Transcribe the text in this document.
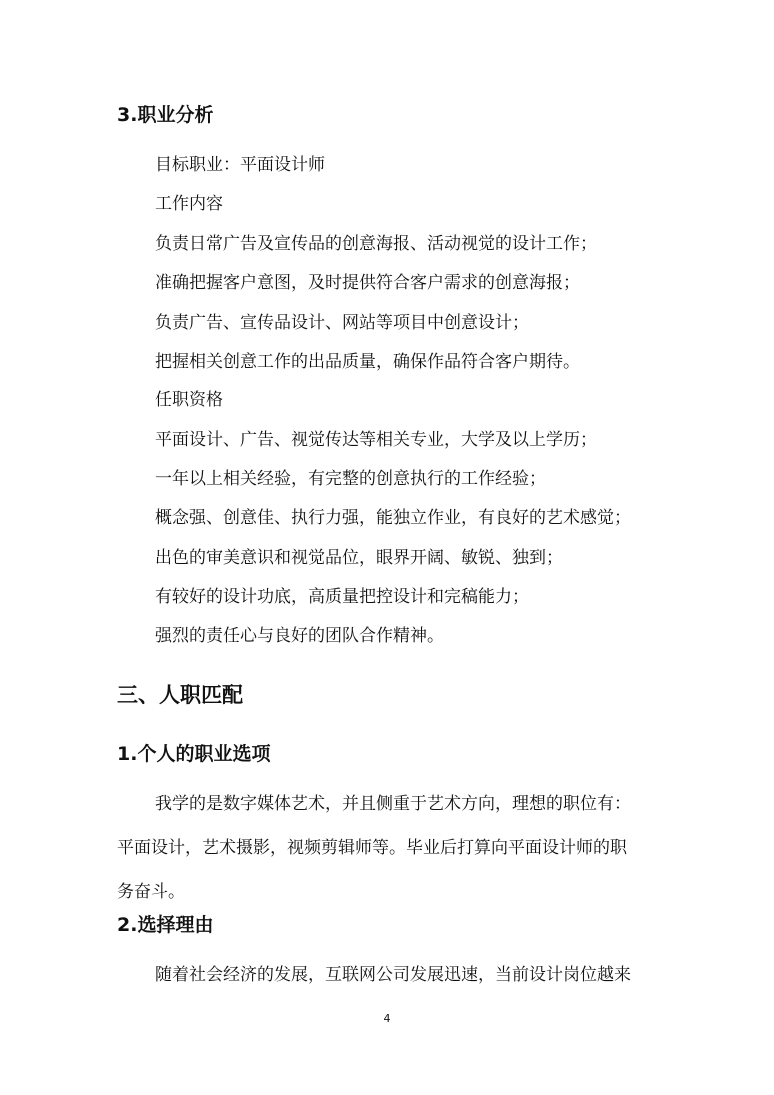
3.职业分析
目标职业：平面设计师
工作内容
负责日常广告及宣传品的创意海报、活动视觉的设计工作；
准确把握客户意图，及时提供符合客户需求的创意海报；
负责广告、宣传品设计、网站等项目中创意设计；
把握相关创意工作的出品质量，确保作品符合客户期待。
任职资格
平面设计、广告、视觉传达等相关专业，大学及以上学历；
一年以上相关经验，有完整的创意执行的工作经验；
概念强、创意佳、执行力强，能独立作业，有良好的艺术感觉；
出色的审美意识和视觉品位，眼界开阔、敏锐、独到；
有较好的设计功底，高质量把控设计和完稿能力；
强烈的责任心与良好的团队合作精神。
三、人职匹配
1.个人的职业选项
我学的是数字媒体艺术，并且侧重于艺术方向，理想的职位有：
平面设计，艺术摄影，视频剪辑师等。毕业后打算向平面设计师的职
务奋斗。
2.选择理由
随着社会经济的发展，互联网公司发展迅速，当前设计岗位越来
4
